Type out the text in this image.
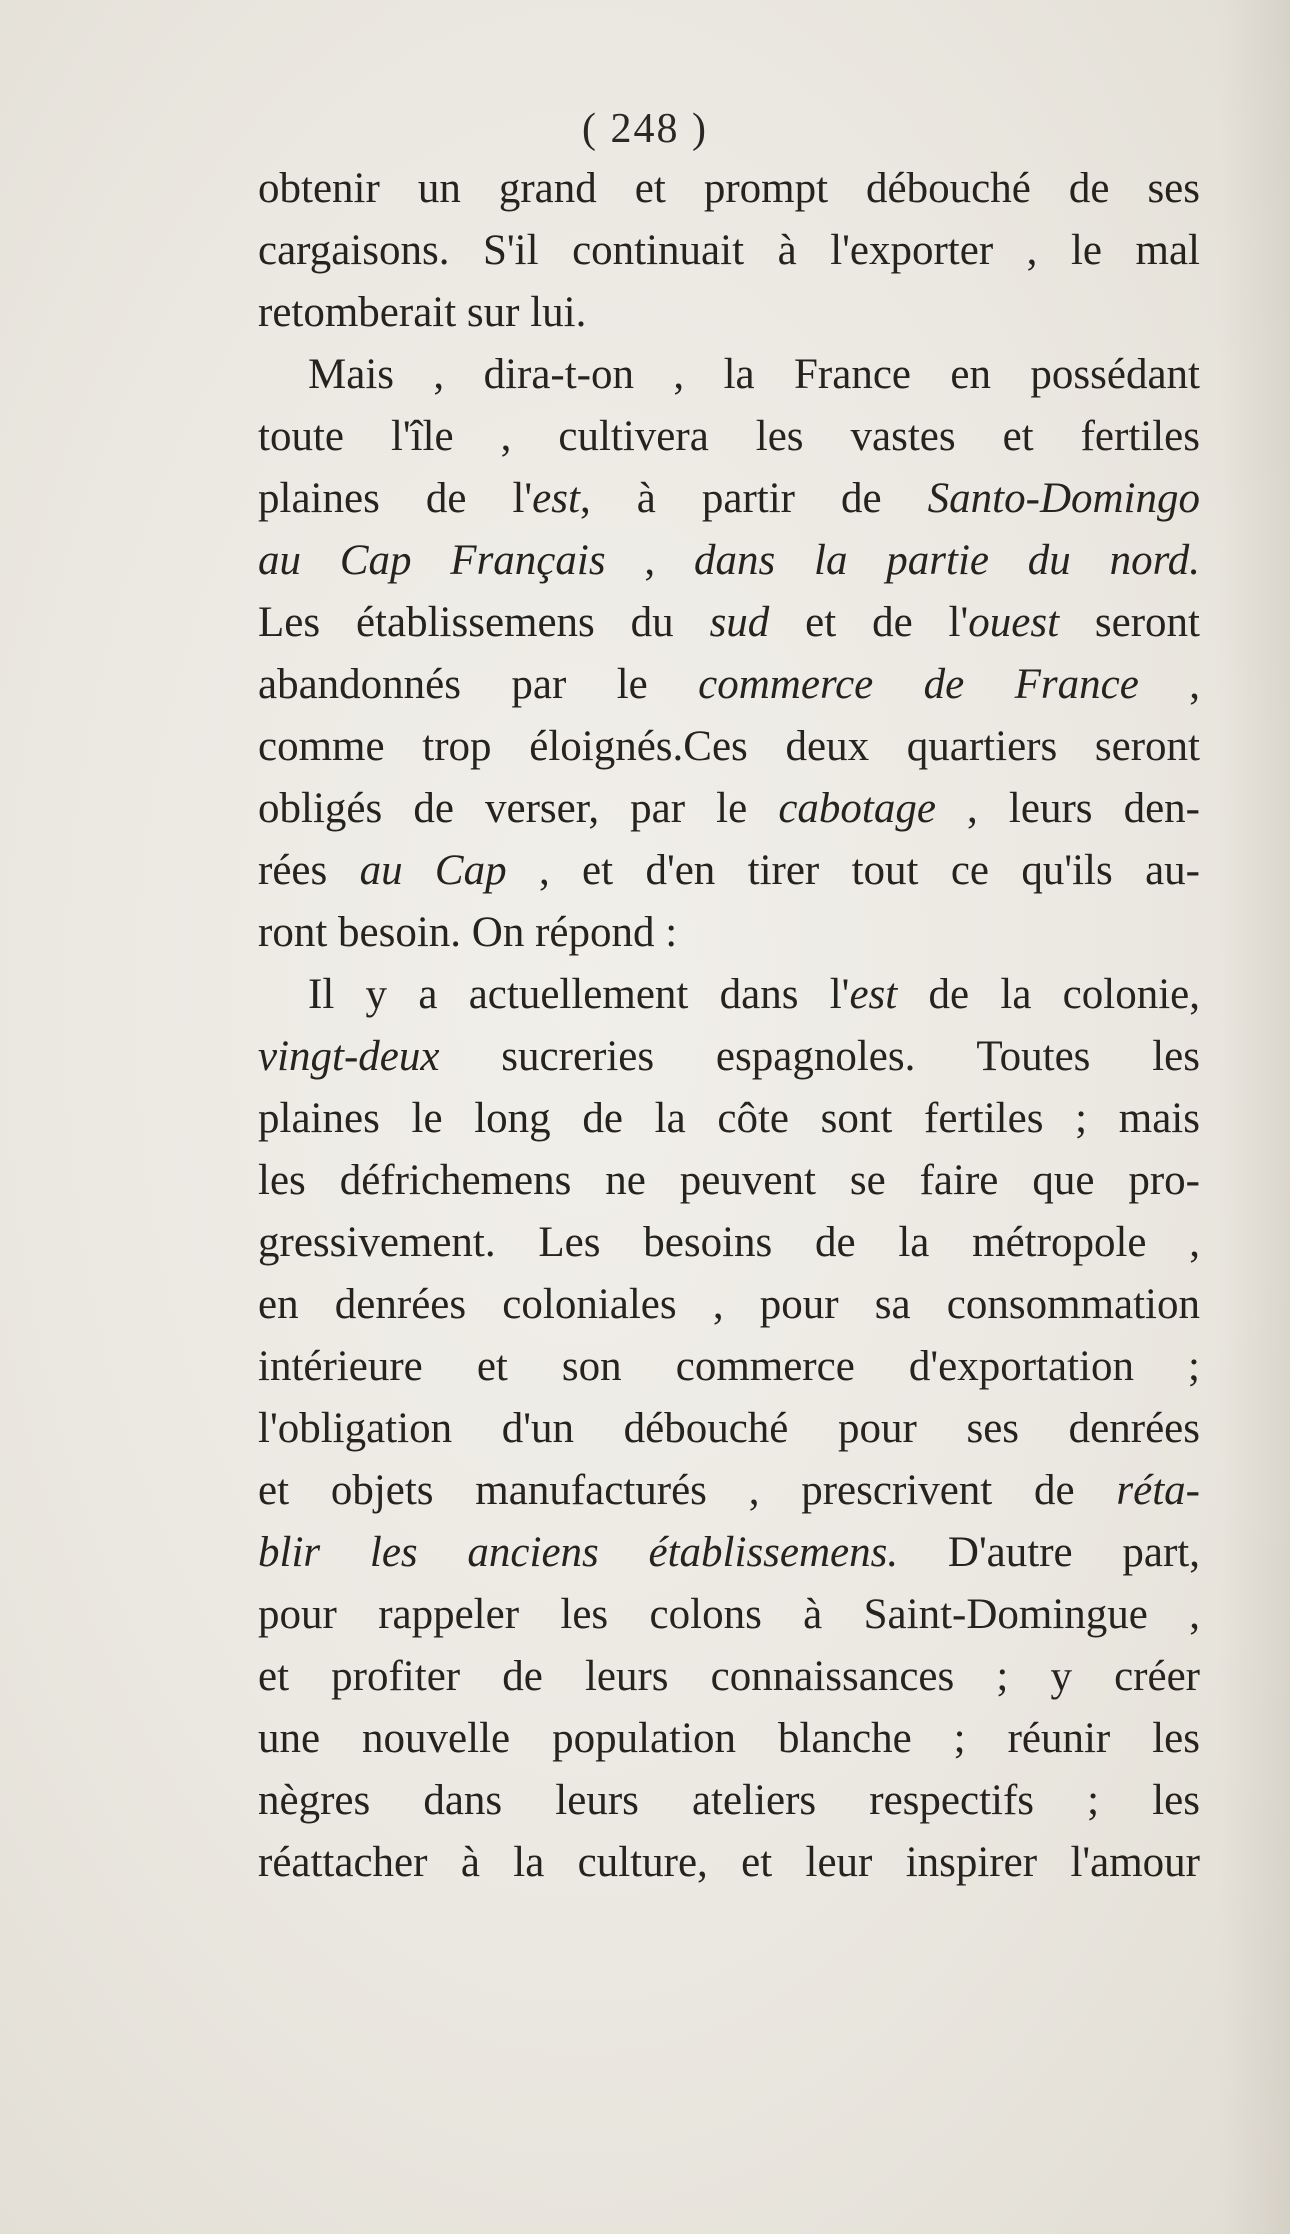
( 248 )
obtenir un grand et prompt débouché de ses
cargaisons. S'il continuait à l'exporter , le mal
retomberait sur lui.
Mais , dira-t-on , la France en possédant
toute l'île , cultivera les vastes et fertiles
plaines de l'est, à partir de Santo-Domingo
au Cap Français , dans la partie du nord.
Les établissemens du sud et de l'ouest seront
abandonnés par le commerce de France ,
comme trop éloignés.Ces deux quartiers seront
obligés de verser, par le cabotage , leurs den-
rées au Cap , et d'en tirer tout ce qu'ils au-
ront besoin. On répond :
Il y a actuellement dans l'est de la colonie,
vingt-deux sucreries espagnoles. Toutes les
plaines le long de la côte sont fertiles ; mais
les défrichemens ne peuvent se faire que pro-
gressivement. Les besoins de la métropole ,
en denrées coloniales , pour sa consommation
intérieure et son commerce d'exportation ;
l'obligation d'un débouché pour ses denrées
et objets manufacturés , prescrivent de réta-
blir les anciens établissemens. D'autre part,
pour rappeler les colons à Saint-Domingue ,
et profiter de leurs connaissances ; y créer
une nouvelle population blanche ; réunir les
nègres dans leurs ateliers respectifs ; les
réattacher à la culture, et leur inspirer l'amour
